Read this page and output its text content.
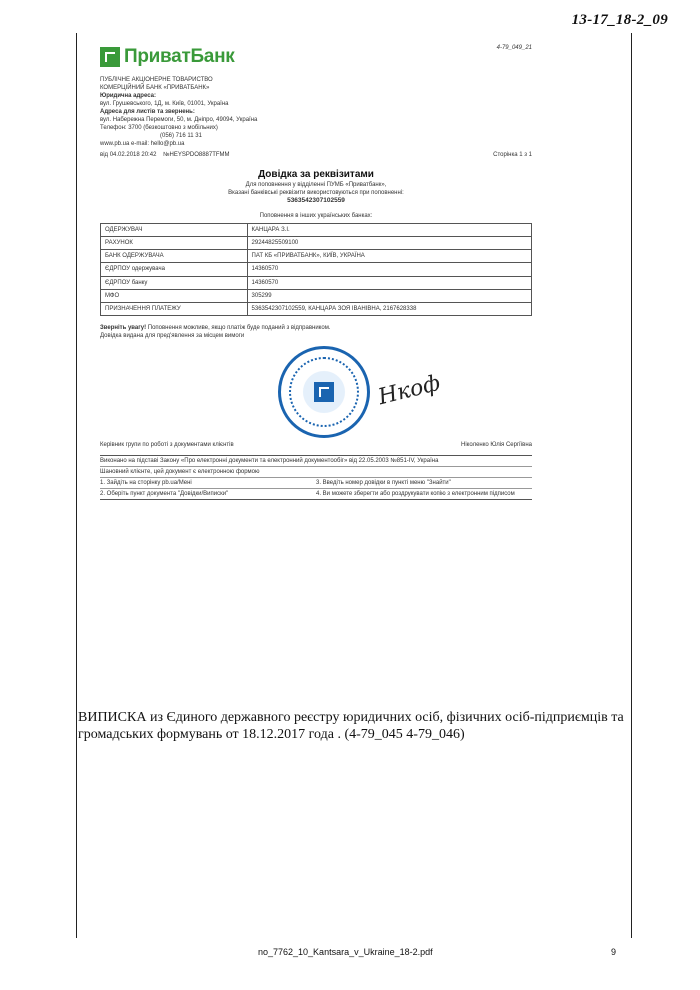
13-17_18-2_09
4-79_049_21
ПриватБанк
ПУБЛІЧНЕ АКЦІОНЕРНЕ ТОВАРИСТВО
КОМЕРЦІЙНИЙ БАНК «ПРИВАТБАНК»
Юридична адреса:
вул. Грушевського, 1Д, м. Київ, 01001, Україна
Адреса для листів та звернень:
вул. Набережна Перемоги, 50, м. Дніпро, 49094, Україна
Телефон: 3700 (безкоштовно з мобільних)
(056) 716 11 31
www.pb.ua e-mail: hello@pb.ua
від 04.02.2018 20:42 №HEYSPDO8887TFMM	Сторінка 1 з 1
Довідка за реквізитами
Для поповнення у відділенні ПУМБ «Приватбанк»,
Вказані банківські реквізити використовуються при поповненні:
5363542307102559
Поповнення в інших українських банках:
ОДЕРЖУВАЧ	КАНЦАРА З.І.
РАХУНОК	29244825509100
БАНК ОДЕРЖУВАЧА	ПАТ КБ «ПРИВАТБАНК», КИЇВ, УКРАЇНА
ЄДРПОУ одержувача	14360570
ЄДРПОУ банку	14360570
МФО	305299
ПРИЗНАЧЕННЯ ПЛАТЕЖУ	5363542307102559, КАНЦАРА ЗОЯ ІВАНІВНА, 2167628338
Зверніть увагу! Поповнення можливе, якщо платіж буде поданий з відправником.
Довідка видана для пред'явлення за місцем вимоги
Нкоф
Керівник групи по роботі з документами клієнтів	Ніколенко Юлія Сергіївна
Виконано на підставі Закону «Про електронні документи та електронний документообіг» від 22.05.2003 №851-IV, Україна
Шановний клієнте, цей документ є електронною формою
1. Зайдіть на сторінку pb.ua/Мені	3. Введіть номер довідки в пункті меню "Знайти"
2. Оберіть пункт документа "Довідки/Виписки"	4. Ви можете зберегти або роздрукувати копію з електронним підписом
ВИПИСКА из Єдиного державного реєстру юридичних осіб, фізичних осіб-підприємців та громадських формувань от 18.12.2017 года . (4-79_045 4-79_046)
no_7762_10_Kantsara_v_Ukraine_18-2.pdf	9
